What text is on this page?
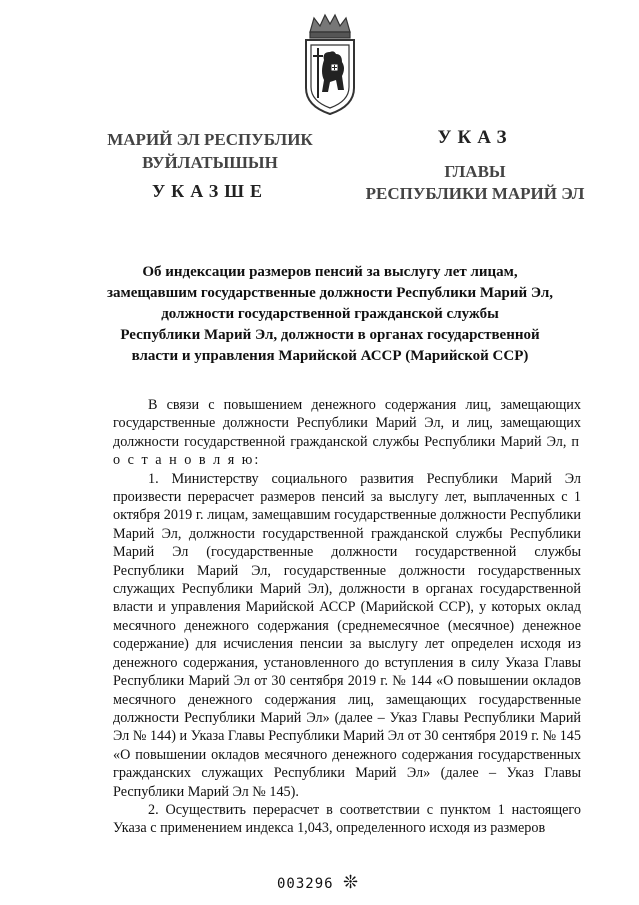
МАРИЙ ЭЛ РЕСПУБЛИК
ВУЙЛАТЫШЫН
УКАЗШЕ
УКАЗ
ГЛАВЫ
РЕСПУБЛИКИ МАРИЙ ЭЛ
Об индексации размеров пенсий за выслугу лет лицам,
замещавшим государственные должности Республики Марий Эл,
должности государственной гражданской службы
Республики Марий Эл, должности в органах государственной
власти и управления Марийской АССР (Марийской ССР)

В связи с повышением денежного содержания лиц, замещающих государственные должности Республики Марий Эл, и лиц, замещающих должности государственной гражданской службы Республики Марий Эл, п о с т а н о в л я ю:

1. Министерству социального развития Республики Марий Эл произвести перерасчет размеров пенсий за выслугу лет, выплаченных с 1 октября 2019 г. лицам, замещавшим государственные должности Республики Марий Эл, должности государственной гражданской службы Республики Марий Эл (государственные должности государственной службы Республики Марий Эл, государственные должности государственных служащих Республики Марий Эл), должности в органах государственной власти и управления Марийской АССР (Марийской ССР), у которых оклад месячного денежного содержания (среднемесячное (месячное) денежное содержание) для исчисления пенсии за выслугу лет определен исходя из денежного содержания, установленного до вступления в силу Указа Главы Республики Марий Эл от 30 сентября 2019 г. № 144 «О повышении окладов месячного денежного содержания лиц, замещающих государственные должности Республики Марий Эл» (далее – Указ Главы Республики Марий Эл № 144) и Указа Главы Республики Марий Эл от 30 сентября 2019 г. № 145 «О повышении окладов месячного денежного содержания государственных гражданских служащих Республики Марий Эл» (далее – Указ Главы Республики Марий Эл № 145).

2. Осуществить перерасчет в соответствии с пунктом 1 настоящего Указа с применением индекса 1,043, определенного исходя из размеров

003296 ❊
